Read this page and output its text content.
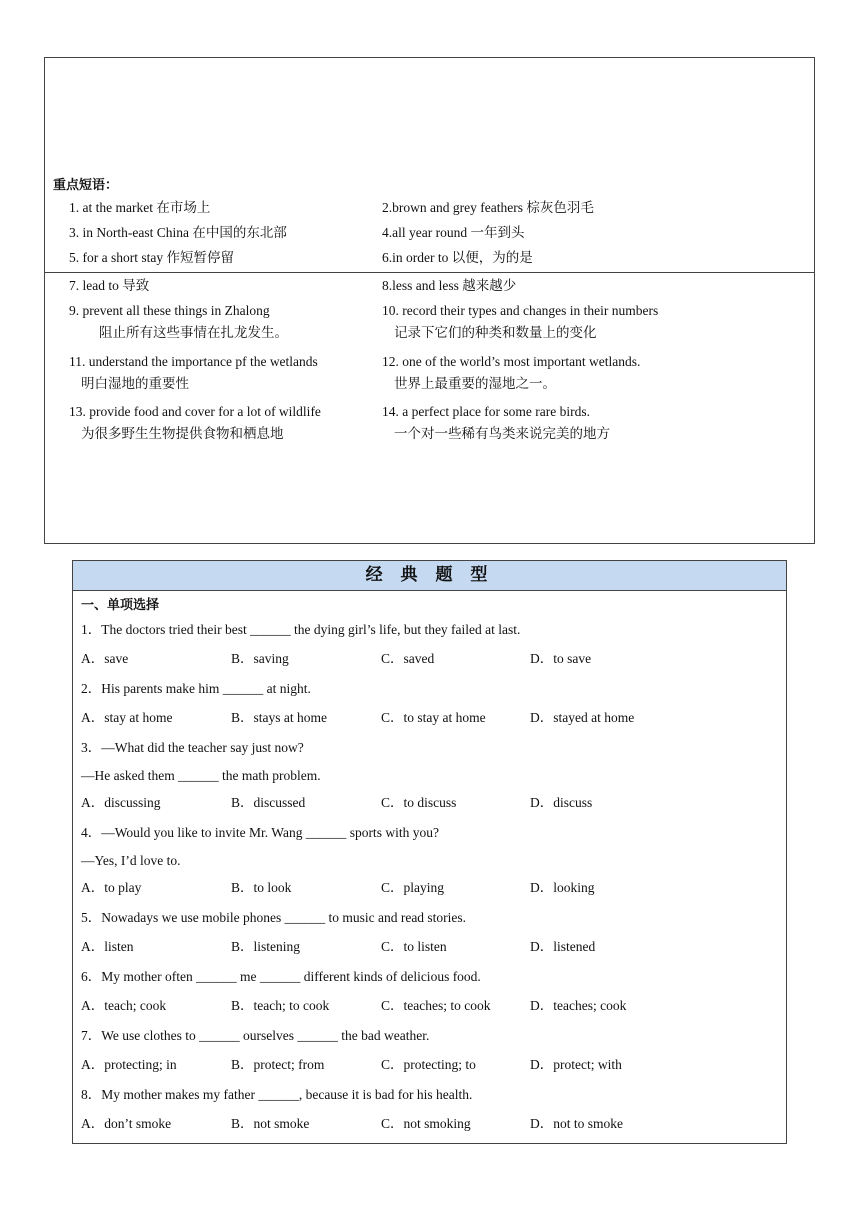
重点短语：
1. at the market 在市场上	2.brown and grey feathers 棕灰色羽毛
3. in North-east China 在中国的东北部	4.all year round 一年到头
5. for a short stay 作短暂停留	6.in order to 以便，为的是
7. lead to 导致	8.less and less 越来越少
9. prevent all these things in Zhalong
阻止所有这些事情在扎龙发生。
10. record their types and changes in their numbers
记录下它们的种类和数量上的变化
11. understand the importance pf the wetlands
明白湿地的重要性
12. one of the world’s most important wetlands.
世界上最重要的湿地之一。
13. provide food and cover for a lot of wildlife
为很多野生生物提供食物和栖息地
14. a perfect place for some rare birds.
一个对一些稀有鸟类来说完美的地方
经 典 题 型
一、单项选择
1．The doctors tried their best ______ the dying girl’s life, but they failed at last.
A．save	B．saving	C．saved	D．to save
2．His parents make him ______ at night.
A．stay at home	B．stays at home	C．to stay at home	D．stayed at home
3．—What did the teacher say just now?
—He asked them ______ the math problem.
A．discussing	B．discussed	C．to discuss	D．discuss
4．—Would you like to invite Mr. Wang ______ sports with you?
—Yes, I’d love to.
A．to play	B．to look	C．playing	D．looking
5．Nowadays we use mobile phones ______ to music and read stories.
A．listen	B．listening	C．to listen	D．listened
6．My mother often ______ me ______ different kinds of delicious food.
A．teach; cook	B．teach; to cook	C．teaches; to cook	D．teaches; cook
7．We use clothes to ______ ourselves ______ the bad weather.
A．protecting; in	B．protect; from	C．protecting; to	D．protect; with
8．My mother makes my father ______, because it is bad for his health.
A．don’t smoke	B．not smoke	C．not smoking	D．not to smoke
